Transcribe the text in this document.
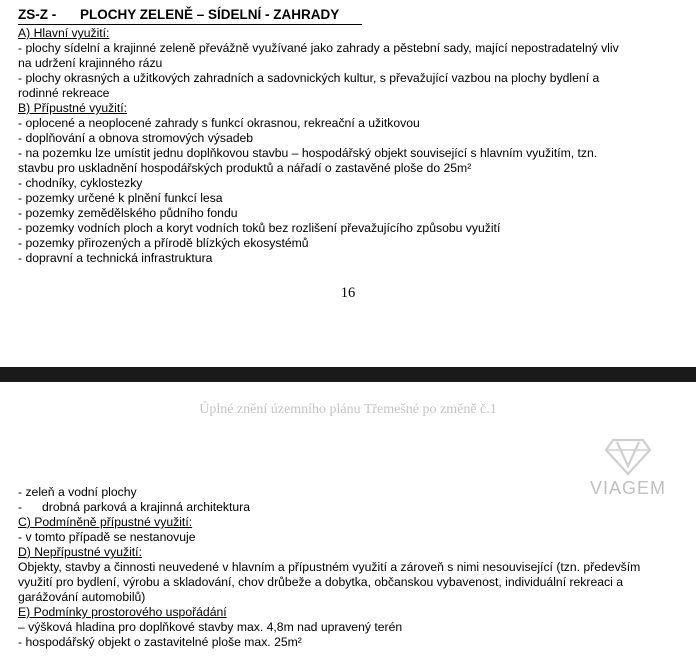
ZS-Z - PLOCHY ZELENĚ – SÍDELNÍ - ZAHRADY
A) Hlavní využití:
- plochy sídelní a krajinné zeleně převážně využívané jako zahrady a pěstební sady, mající nepostradatelný vliv
na udržení krajinného rázu
- plochy okrasných a užitkových zahradních a sadovnických kultur, s převažující vazbou na plochy bydlení a
rodinné rekreace
B) Přípustné využití:
- oplocené a neoplocené zahrady s funkcí okrasnou, rekreační a užitkovou
- doplňování a obnova stromových výsadeb
- na pozemku lze umístit jednu doplňkovou stavbu – hospodářský objekt související s hlavním využitím, tzn.
stavbu pro uskladnění hospodářských produktů a nářadí o zastavěné ploše do 25m²
- chodníky, cyklostezky
- pozemky určené k plnění funkcí lesa
- pozemky zemědělského půdního fondu
- pozemky vodních ploch a koryt vodních toků bez rozlišení převažujícího způsobu využití
- pozemky přirozených a přírodě blízkých ekosystémů
- dopravní a technická infrastruktura
16
Úplné znění územního plánu Třemešné po změně č.1
VIAGEM
- zeleň a vodní plochy
- drobná parková a krajinná architektura
C) Podmíněně přípustné využití:
- v tomto případě se nestanovuje
D) Nepřípustné využití:
Objekty, stavby a činnosti neuvedené v hlavním a přípustném využití a zároveň s nimi nesouvisející (tzn. především využití pro bydlení, výrobu a skladování, chov drůbeže a dobytka, občanskou vybavenost, individuální rekreaci a garážování automobilů)
E) Podmínky prostorového uspořádání
– výšková hladina pro doplňkové stavby max. 4,8m nad upravený terén
- hospodářský objekt o zastavitelné ploše max. 25m²
